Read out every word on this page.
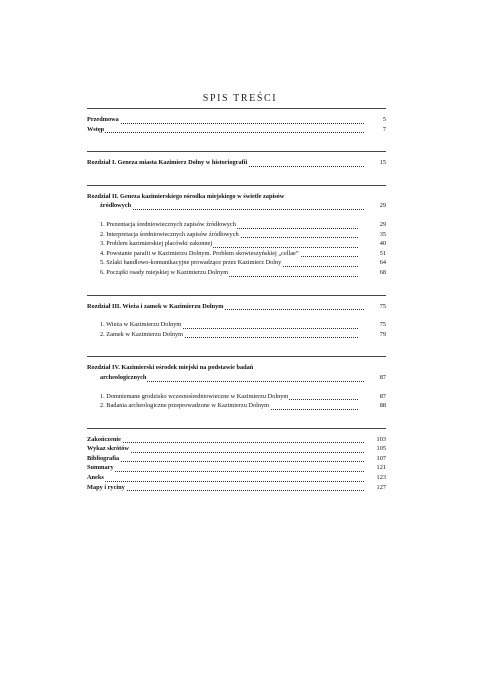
SPIS TREŚCI
Przedmowa	5
Wstęp	7
Rozdział I. Geneza miasta Kazimierz Dolny w historiografii	15
Rozdział II. Geneza kazimierskiego ośrodka miejskiego w świetle zapisów
źródłowych	29
1. Prezentacja średniowiecznych zapisów źródłowych	29
2. Interpretacja średniowiecznych zapisów źródłowych	35
3. Problem kazimierskiej placówki zakonnej	40
4. Powstanie parafii w Kazimierzu Dolnym. Problem skowieszyńskiej „cellae”	51
5. Szlaki handlowo-komunikacyjne prowadzące przez Kazimierz Dolny	64
6. Początki osady miejskiej w Kazimierzu Dolnym	68
Rozdział III. Wieża i zamek w Kazimierzu Dolnym	75
1. Wieża w Kazimierzu Dolnym	75
2. Zamek w Kazimierzu Dolnym	79
Rozdział IV. Kazimierski ośrodek miejski na podstawie badań
archeologicznych	87
1. Domniemane grodzisko wczesnośredniowieczne w Kazimierzu Dolnym	87
2. Badania archeologiczne przeprowadzone w Kazimierzu Dolnym	88
Zakończenie	103
Wykaz skrótów	105
Bibliografia	107
Summary	121
Aneks	123
Mapy i ryciny	127
